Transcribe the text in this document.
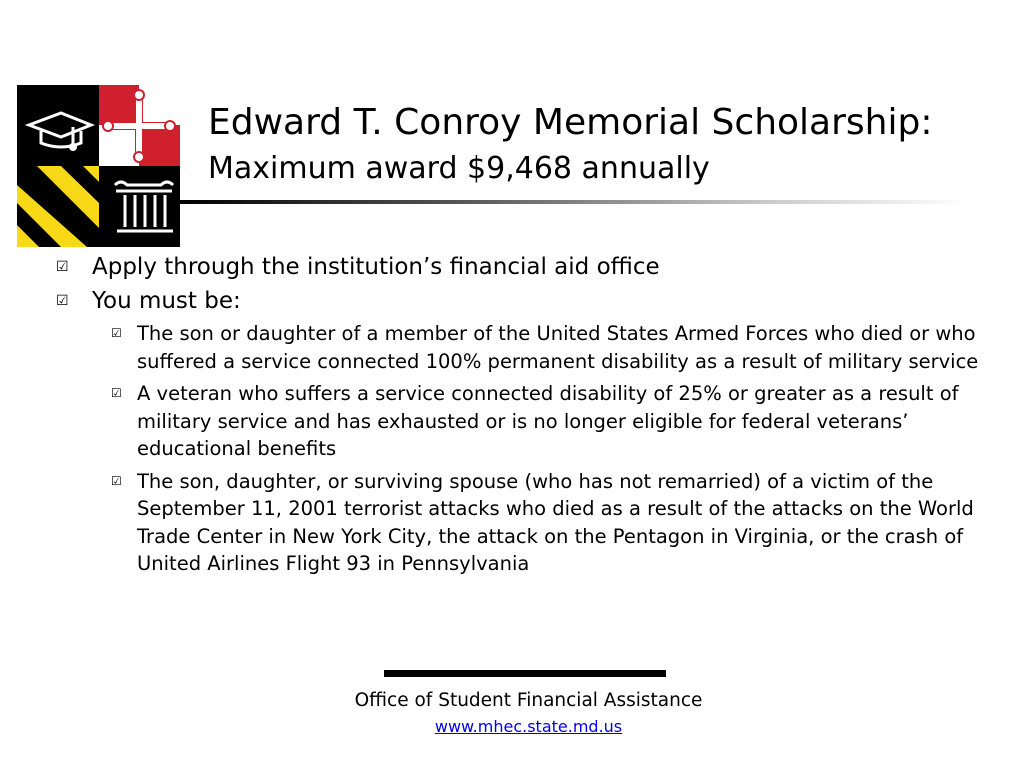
Edward T. Conroy Memorial Scholarship:
Maximum award $9,468 annually
☑ Apply through the institution’s financial aid office
☑ You must be:
☑ The son or daughter of a member of the United States Armed Forces who died or who suffered a service connected 100% permanent disability as a result of military service
☑ A veteran who suffers a service connected disability of 25% or greater as a result of military service and has exhausted or is no longer eligible for federal veterans’ educational benefits
☑ The son, daughter, or surviving spouse (who has not remarried) of a victim of the September 11, 2001 terrorist attacks who died as a result of the attacks on the World Trade Center in New York City, the attack on the Pentagon in Virginia, or the crash of United Airlines Flight 93 in Pennsylvania
Office of Student Financial Assistance
www.mhec.state.md.us
